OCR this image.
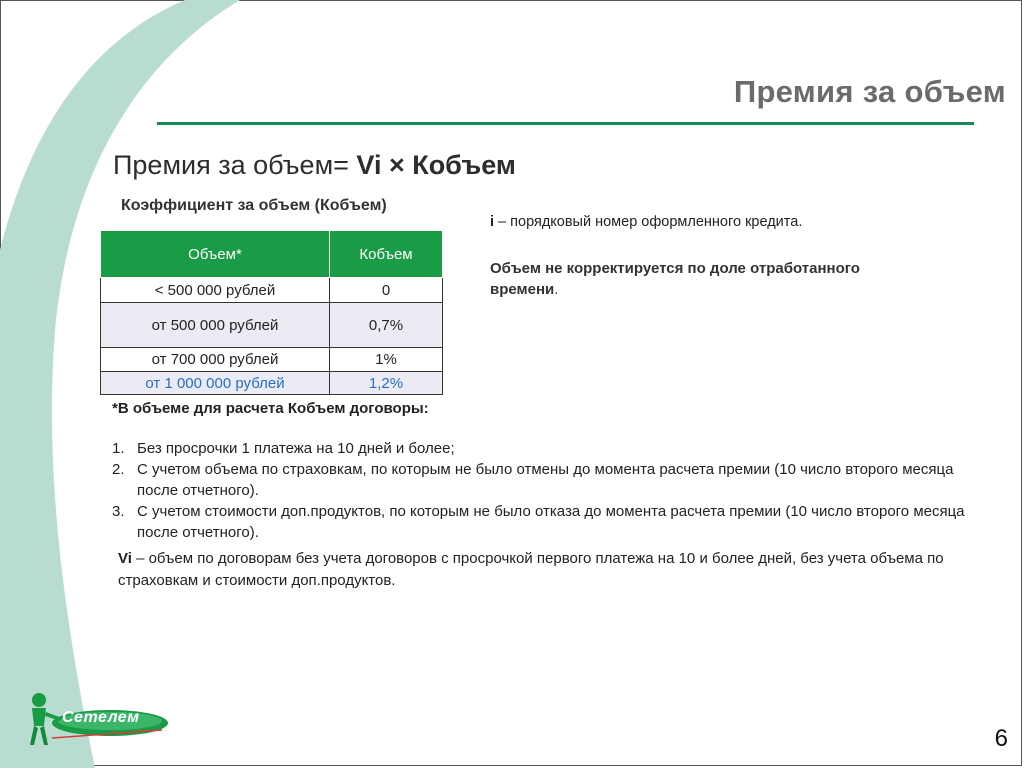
Премия за объем
Премия за объем= Vi × Кобъем
Коэффициент за объем (Кобъем)
Объем*	Кобъем
< 500 000 рублей	0
от 500 000 рублей	0,7%
от 700 000 рублей	1%
от 1 000 000 рублей	1,2%
i – порядковый номер оформленного кредита.
Объем не корректируется по доле отработанного времени.
*В объеме для расчета Кобъем договоры:
1. Без просрочки 1 платежа на 10 дней и более;
2. С учетом объема по страховкам, по которым не было отмены до момента расчета премии (10 число второго месяца после отчетного).
3. С учетом стоимости доп.продуктов, по которым не было отказа до момента расчета премии (10 число второго месяца после отчетного).
Vi – объем по договорам без учета договоров с просрочкой первого платежа на 10 и более дней, без учета объема по страховкам и стоимости доп.продуктов.
Сетелем
6
